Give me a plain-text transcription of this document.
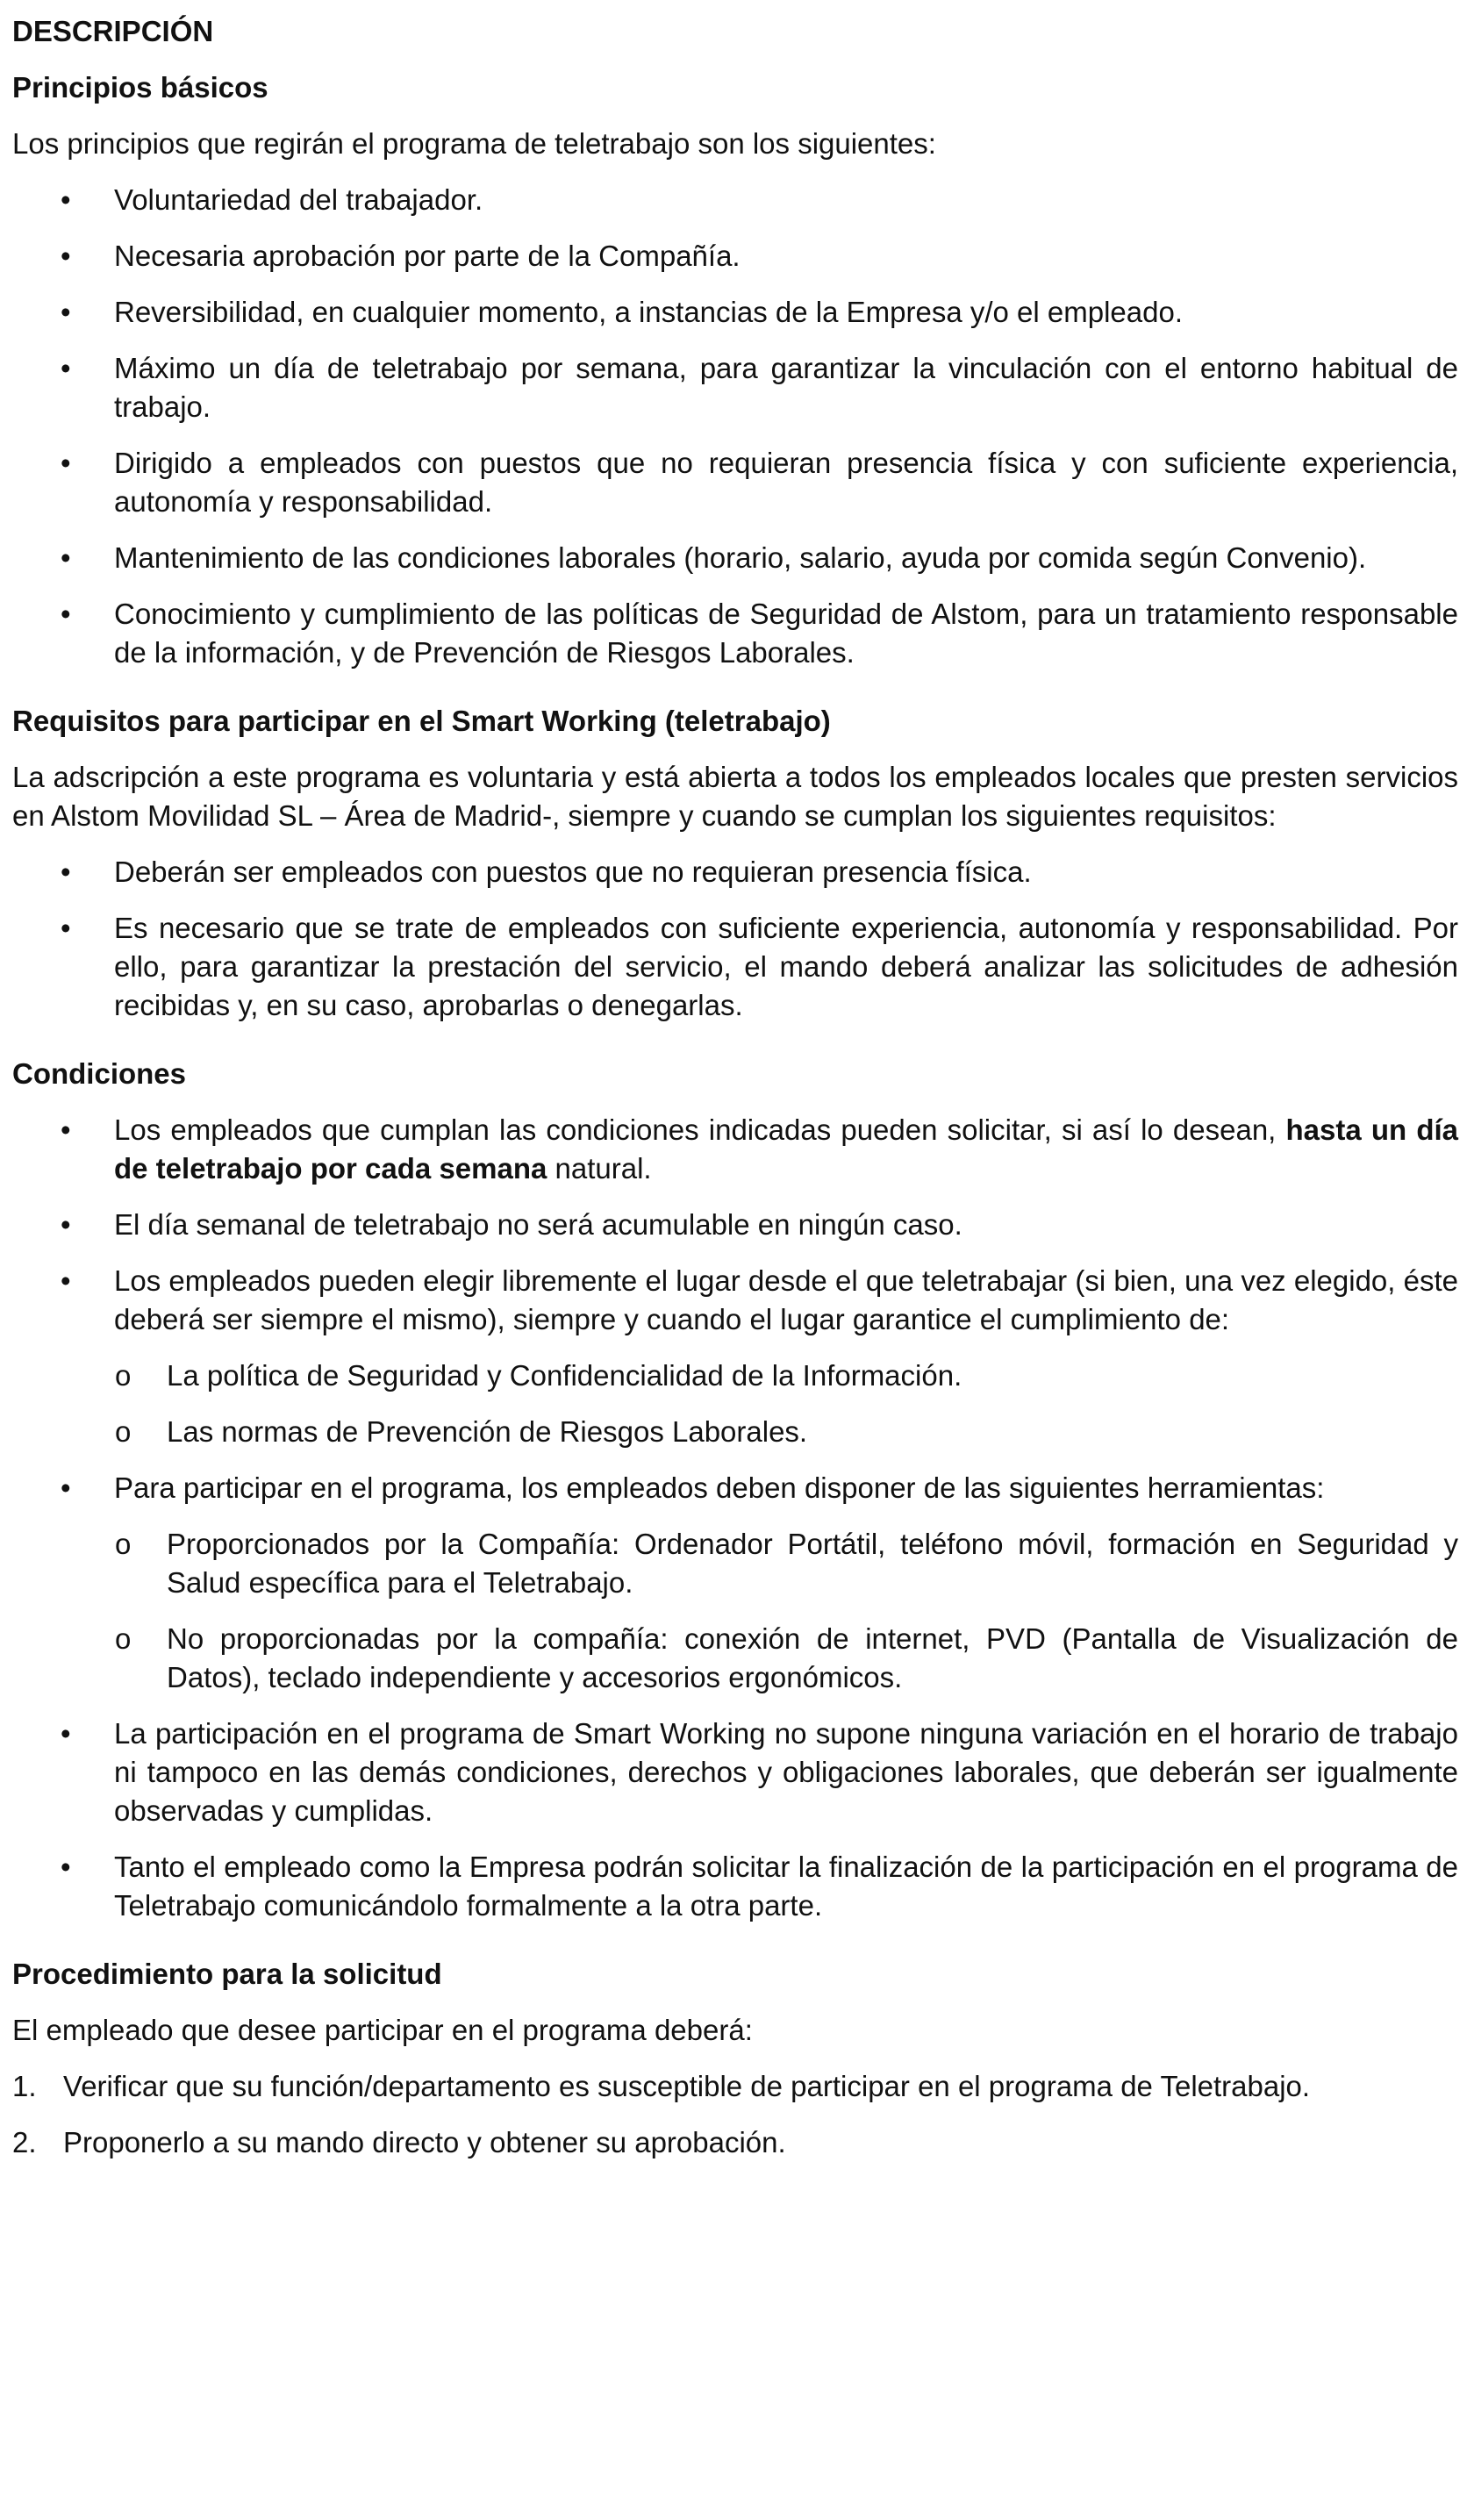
DESCRIPCIÓN
Principios básicos

Los principios que regirán el programa de teletrabajo son los siguientes:

• Voluntariedad del trabajador.
• Necesaria aprobación por parte de la Compañía.
• Reversibilidad, en cualquier momento, a instancias de la Empresa y/o el empleado.
• Máximo un día de teletrabajo por semana, para garantizar la vinculación con el entorno habitual de trabajo.
• Dirigido a empleados con puestos que no requieran presencia física y con suficiente experiencia, autonomía y responsabilidad.
• Mantenimiento de las condiciones laborales (horario, salario, ayuda por comida según Convenio).
• Conocimiento y cumplimiento de las políticas de Seguridad de Alstom, para un tratamiento responsable de la información, y de Prevención de Riesgos Laborales.
Requisitos para participar en el Smart Working (teletrabajo)

La adscripción a este programa es voluntaria y está abierta a todos los empleados locales que presten servicios en Alstom Movilidad SL – Área de Madrid-, siempre y cuando se cumplan los siguientes requisitos:

• Deberán ser empleados con puestos que no requieran presencia física.
• Es necesario que se trate de empleados con suficiente experiencia, autonomía y responsabilidad. Por ello, para garantizar la prestación del servicio, el mando deberá analizar las solicitudes de adhesión recibidas y, en su caso, aprobarlas o denegarlas.
Condiciones
• Los empleados que cumplan las condiciones indicadas pueden solicitar, si así lo desean, hasta un día de teletrabajo por cada semana natural.
• El día semanal de teletrabajo no será acumulable en ningún caso.
• Los empleados pueden elegir libremente el lugar desde el que teletrabajar (si bien, una vez elegido, éste deberá ser siempre el mismo), siempre y cuando el lugar garantice el cumplimiento de:
o La política de Seguridad y Confidencialidad de la Información.
o Las normas de Prevención de Riesgos Laborales.
• Para participar en el programa, los empleados deben disponer de las siguientes herramientas:
o Proporcionados por la Compañía: Ordenador Portátil, teléfono móvil, formación en Seguridad y Salud específica para el Teletrabajo.
o No proporcionadas por la compañía: conexión de internet, PVD (Pantalla de Visualización de Datos), teclado independiente y accesorios ergonómicos.
• La participación en el programa de Smart Working no supone ninguna variación en el horario de trabajo ni tampoco en las demás condiciones, derechos y obligaciones laborales, que deberán ser igualmente observadas y cumplidas.
• Tanto el empleado como la Empresa podrán solicitar la finalización de la participación en el programa de Teletrabajo comunicándolo formalmente a la otra parte.
Procedimiento para la solicitud

El empleado que desee participar en el programa deberá:

1. Verificar que su función/departamento es susceptible de participar en el programa de Teletrabajo.
2. Proponerlo a su mando directo y obtener su aprobación.
